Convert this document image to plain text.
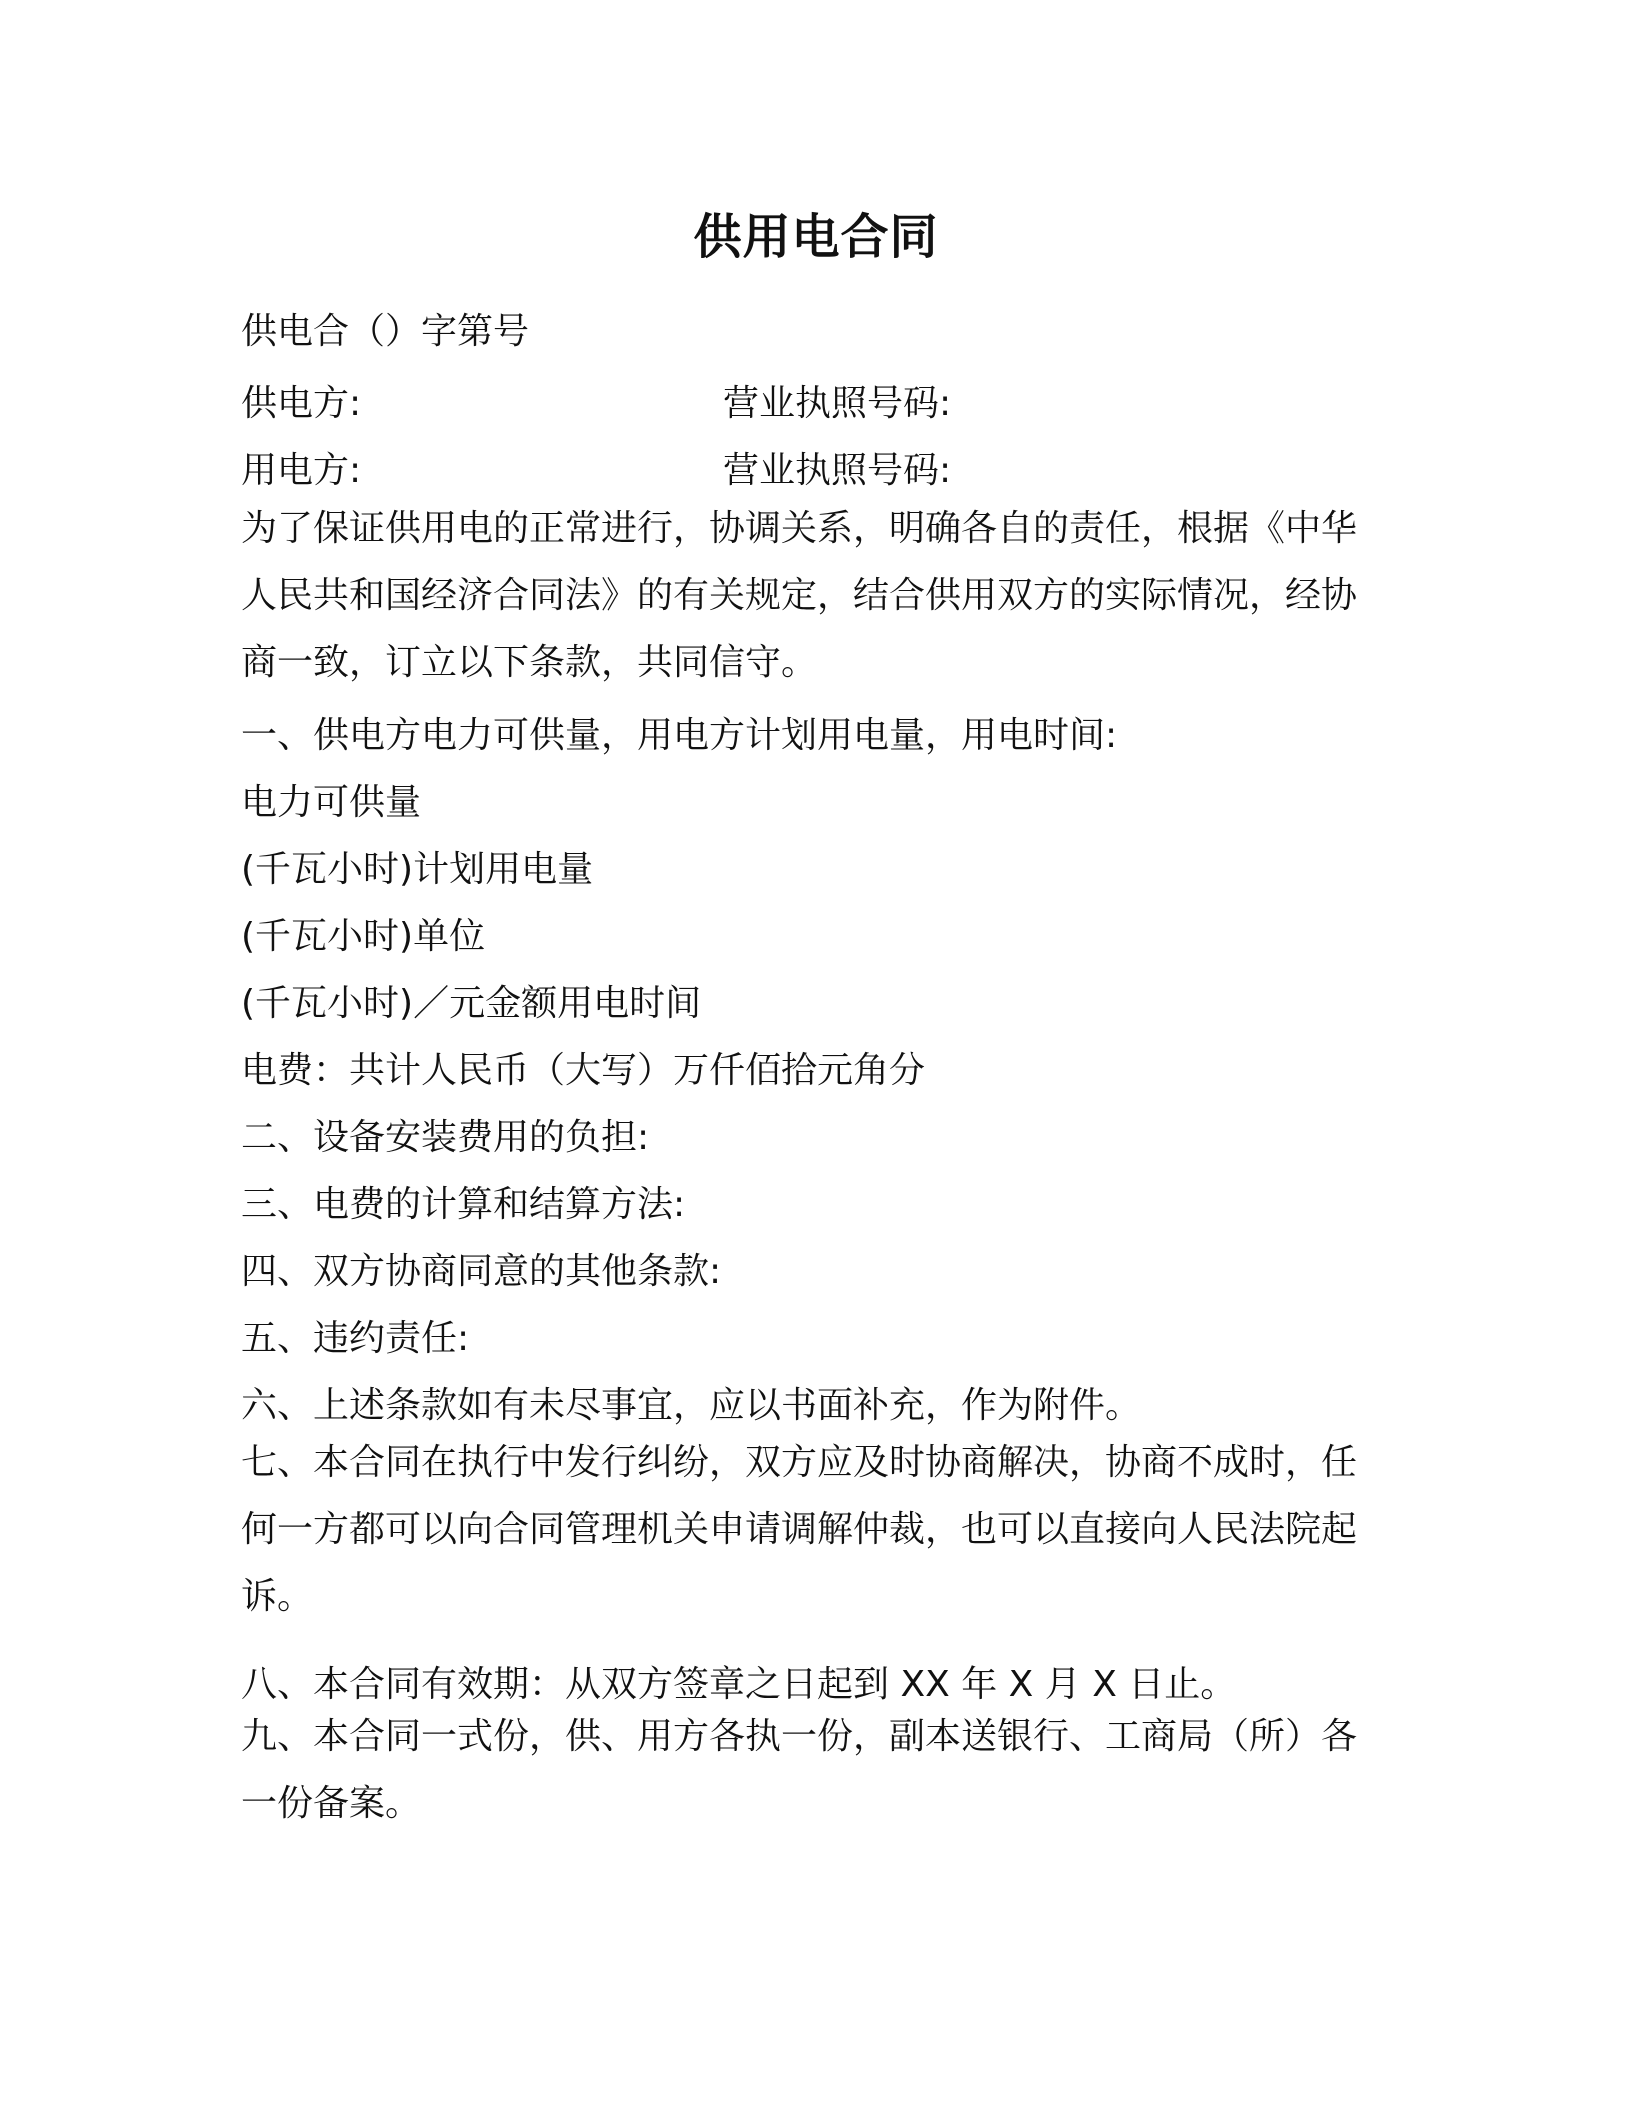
供用电合同
供电合（）字第号
供电方:	营业执照号码:
用电方:	营业执照号码:
为了保证供用电的正常进行，协调关系，明确各自的责任，根据《中华人民共和国经济合同法》的有关规定，结合供用双方的实际情况，经协商一致，订立以下条款，共同信守。
一、供电方电力可供量，用电方计划用电量，用电时间:
电力可供量
(千瓦小时)计划用电量
(千瓦小时)单位
(千瓦小时)／元金额用电时间
电费：共计人民币（大写）万仟佰拾元角分
二、设备安装费用的负担:
三、电费的计算和结算方法:
四、双方协商同意的其他条款:
五、违约责任:
六、上述条款如有未尽事宜，应以书面补充，作为附件。
七、本合同在执行中发行纠纷，双方应及时协商解决，协商不成时，任何一方都可以向合同管理机关申请调解仲裁，也可以直接向人民法院起诉。
八、本合同有效期：从双方签章之日起到 XX 年 X 月 X 日止。
九、本合同一式份，供、用方各执一份，副本送银行、工商局（所）各一份备案。
